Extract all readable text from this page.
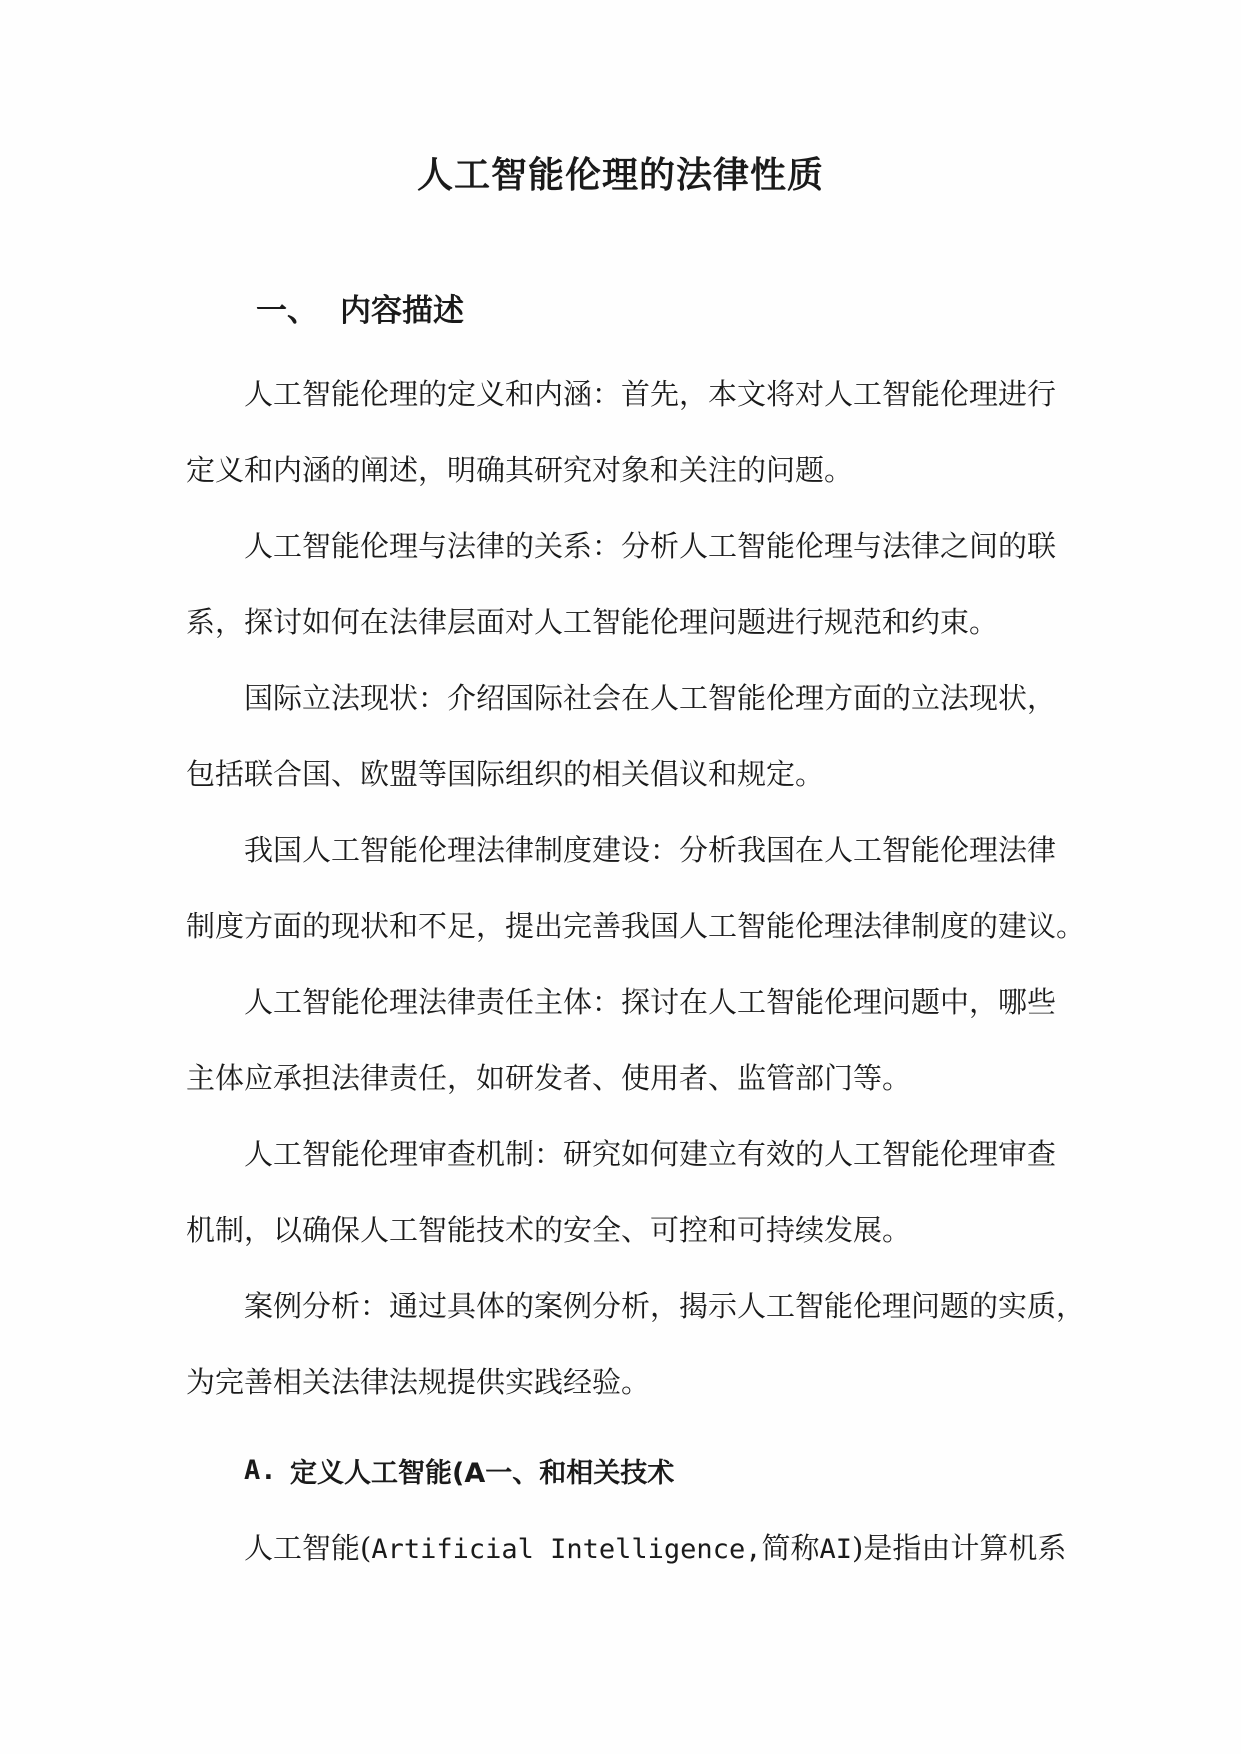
人工智能伦理的法律性质
一、 内容描述

人工智能伦理的定义和内涵：首先，本文将对人工智能伦理进行
定义和内涵的阐述，明确其研究对象和关注的问题。

人工智能伦理与法律的关系：分析人工智能伦理与法律之间的联
系，探讨如何在法律层面对人工智能伦理问题进行规范和约束。

国际立法现状：介绍国际社会在人工智能伦理方面的立法现状，
包括联合国、欧盟等国际组织的相关倡议和规定。

我国人工智能伦理法律制度建设：分析我国在人工智能伦理法律
制度方面的现状和不足，提出完善我国人工智能伦理法律制度的建议。

人工智能伦理法律责任主体：探讨在人工智能伦理问题中，哪些
主体应承担法律责任，如研发者、使用者、监管部门等。

人工智能伦理审查机制：研究如何建立有效的人工智能伦理审查
机制，以确保人工智能技术的安全、可控和可持续发展。

案例分析：通过具体的案例分析，揭示人工智能伦理问题的实质，
为完善相关法律法规提供实践经验。

A. 定义人工智能(A一、和相关技术
人工智能(Artificial Intelligence,简称AI)是指由计算机系
